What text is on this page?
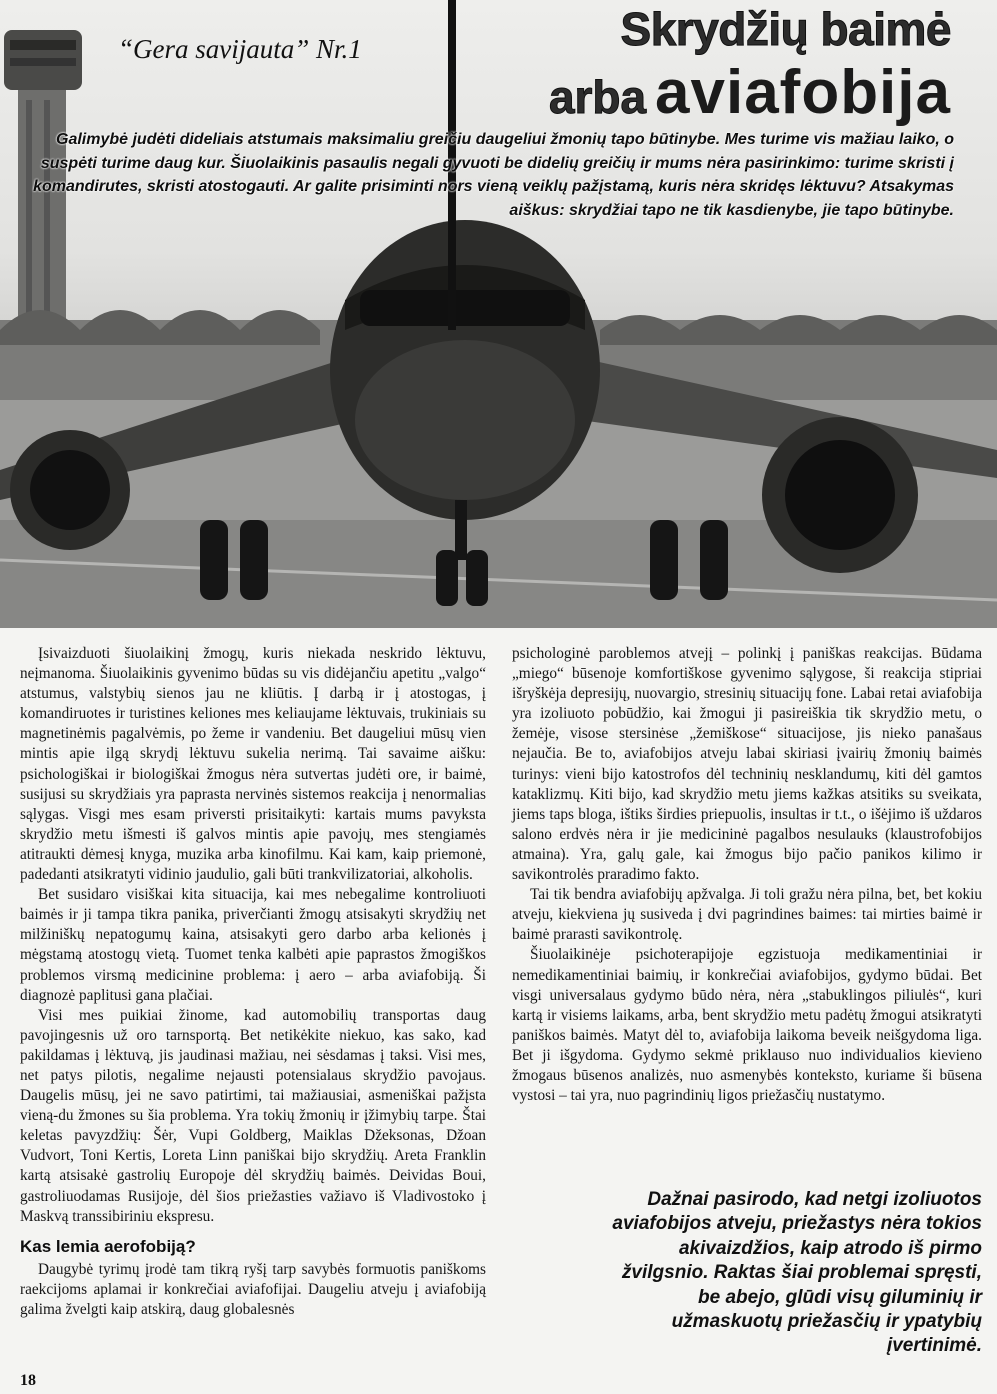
“Gera savijauta” Nr.1	Skrydžių baimė
arba aviafobija

Galimybė judėti dideliais atstumais maksimaliu greičiu daugeliui žmonių tapo būtinybe. Mes turime vis mažiau laiko, o suspėti turime daug kur. Šiuolaikinis pasaulis negali gyvuoti be didelių greičių ir mums nėra pasirinkimo: turime skristi į komandirutes, skristi atostogauti. Ar galite prisiminti nors vieną veiklų pažįstamą, kuris nėra skridęs lėktuvu? Atsakymas aiškus: skrydžiai tapo ne tik kasdienybe, jie tapo būtinybe.

Įsivaizduoti šiuolaikinį žmogų, kuris niekada neskrido lėktuvu, neįmanoma. Šiuolaikinis gyvenimo būdas su vis didėjančiu apetitu „valgo“ atstumus, valstybių sienos jau ne kliūtis. Į darbą ir į atostogas, į komandiruotes ir turistines keliones mes keliaujame lėktuvais, trukiniais su magnetinėmis pagalvėmis, po žeme ir vandeniu. Bet daugeliui mūsų vien mintis apie ilgą skrydį lėktuvu sukelia nerimą. Tai savaime aišku: psichologiškai ir biologiškai žmogus nėra sutvertas judėti ore, ir baimė, susijusi su skrydžiais yra paprasta nervinės sistemos reakcija į nenormalias sąlygas. Visgi mes esam priversti prisitaikyti: kartais mums pavyksta skrydžio metu išmesti iš galvos mintis apie pavojų, mes stengiamės atitraukti dėmesį knyga, muzika arba kinofilmu. Kai kam, kaip priemonė, padedanti atsikratyti vidinio jaudulio, gali būti trankvilizatoriai, alkoholis.

Bet susidaro visiškai kita situacija, kai mes nebegalime kontroliuoti baimės ir ji tampa tikra panika, priverčianti žmogų atsisakyti skrydžių net milžiniškų nepatogumų kaina, atsisakyti gero darbo arba kelionės į mėgstamą atostogų vietą. Tuomet tenka kalbėti apie paprastos žmogiškos problemos virsmą medicinine problema: į aero – arba aviafobiją. Ši diagnozė paplitusi gana plačiai.

Visi mes puikiai žinome, kad automobilių transportas daug pavojingesnis už oro tarnsportą. Bet netikėkite niekuo, kas sako, kad pakildamas į lėktuvą, jis jaudinasi mažiau, nei sėsdamas į taksi. Visi mes, net patys pilotis, negalime nejausti potensialaus skrydžio pavojaus. Daugelis mūsų, jei ne savo patirtimi, tai mažiausiai, asmeniškai pažįsta vieną-du žmones su šia problema. Yra tokių žmonių ir įžimybių tarpe. Štai keletas pavyzdžių: Šėr, Vupi Goldberg, Maiklas Džeksonas, Džoan Vudvort, Toni Kertis, Loreta Linn paniškai bijo skrydžių. Areta Franklin kartą atsisakė gastrolių Europoje dėl skrydžių baimės. Deividas Boui, gastroliuodamas Rusijoje, dėl šios priežasties važiavo iš Vladivostoko į Maskvą transsibiriniu ekspresu.

Kas lemia aerofobiją?

Daugybė tyrimų įrodė tam tikrą ryšį tarp savybės formuotis paniškoms raekcijoms aplamai ir konkrečiai aviafofijai. Daugeliu atveju į aviafobiją galima žvelgti kaip atskirą, daug globalesnės

psichologinė paroblemos atvejį – polinkį į paniškas reakcijas. Būdama „miego“ būsenoje komfortiškose gyvenimo sąlygose, ši reakcija stipriai išryškėja depresijų, nuovargio, stresinių situacijų fone. Labai retai aviafobija yra izoliuoto pobūdžio, kai žmogui ji pasireiškia tik skrydžio metu, o žemėje, visose stersinėse „žemiškose“ situacijose, jis nieko panašaus nejaučia. Be to, aviafobijos atveju labai skiriasi įvairių žmonių baimės turinys: vieni bijo katostrofos dėl techninių nesklandumų, kiti dėl gamtos kataklizmų. Kiti bijo, kad skrydžio metu jiems kažkas atsitiks su sveikata, jiems taps bloga, ištiks širdies priepuolis, insultas ir t.t., o išėjimo iš uždaros salono erdvės nėra ir jie medicininė pagalbos nesulauks (klaustrofobijos atmaina). Yra, galų gale, kai žmogus bijo pačio panikos kilimo ir savikontrolės praradimo fakto.

Tai tik bendra aviafobijų apžvalga. Ji toli gražu nėra pilna, bet, bet kokiu atveju, kiekviena jų susiveda į dvi pagrindines baimes: tai mirties baimė ir baimė prarasti savikontrolę.

Šiuolaikinėje psichoterapijoje egzistuoja medikamentiniai ir nemedikamentiniai baimių, ir konkrečiai aviafobijos, gydymo būdai. Bet visgi universalaus gydymo būdo nėra, nėra „stabuklingos piliulės“, kuri kartą ir visiems laikams, arba, bent skrydžio metu padėtų žmogui atsikratyti paniškos baimės. Matyt dėl to, aviafobija laikoma beveik neišgydoma liga. Bet ji išgydoma. Gydymo sekmė priklauso nuo individualios kievieno žmogaus būsenos analizės, nuo asmenybės konteksto, kuriame ši būsena vystosi – tai yra, nuo pagrindinių ligos priežasčių nustatymo.

Dažnai pasirodo, kad netgi izoliuotos aviafobijos atveju, priežastys nėra tokios akivaizdžios, kaip atrodo iš pirmo žvilgsnio. Raktas šiai problemai spręsti, be abejo, glūdi visų giluminių ir užmaskuotų priežasčių ir ypatybių įvertinimė.

18
